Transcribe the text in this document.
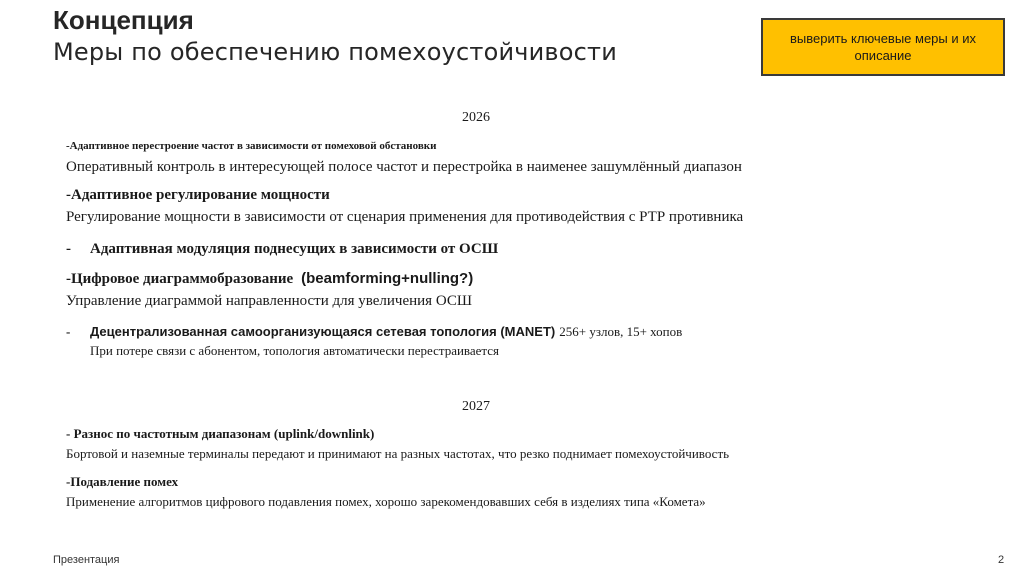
Концепция
Меры по обеспечению помехоустойчивости	выверить ключевые меры и их описание
2026
-Адаптивное перестроение частот в зависимости от помеховой обстановки
Оперативный контроль в интересующей полосе частот и перестройка в наименее зашумлённый диапазон
-Адаптивное регулирование мощности
Регулирование мощности в зависимости от сценария применения для противодействия с РТР противника
- Адаптивная модуляция поднесущих в зависимости от ОСШ
-Цифровое диаграммобразование (beamforming+nulling?)
Управление диаграммой направленности для увеличения ОСШ
- Децентрализованная самоорганизующаяся сетевая топология (MANET) 256+ узлов, 15+ хопов
При потере связи с абонентом, топология автоматически перестраивается
2027
- Разнос по частотным диапазонам (uplink/downlink)
Бортовой и наземные терминалы передают и принимают на разных частотах, что резко поднимает помехоустойчивость
-Подавление помех
Применение алгоритмов цифрового подавления помех, хорошо зарекомендовавших себя в изделиях типа «Комета»
Презентация	2
